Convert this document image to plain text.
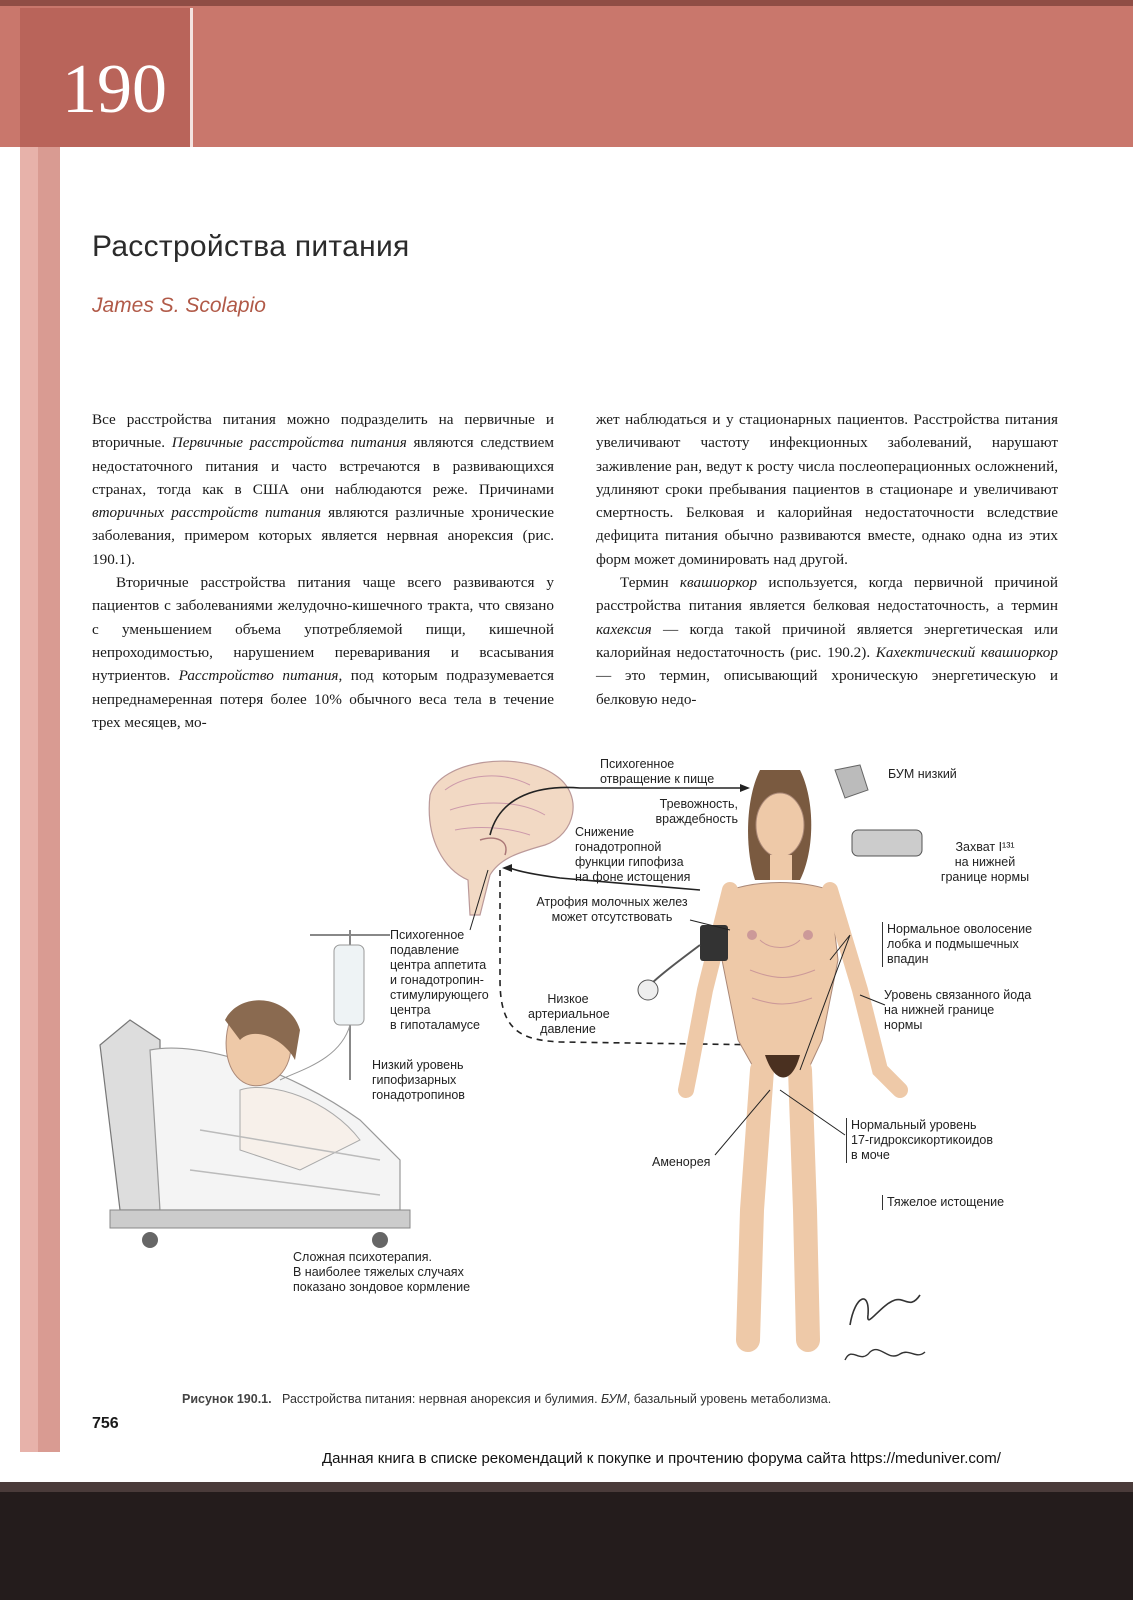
190
Расстройства питания
James S. Scolapio

Все расстройства питания можно подразделить на первичные и вторичные. Первичные расстройства питания являются следствием недостаточного питания и часто встречаются в развивающихся странах, тогда как в США они наблюдаются реже. Причинами вторичных расстройств питания являются различные хронические заболевания, примером которых является нервная анорексия (рис. 190.1).

Вторичные расстройства питания чаще всего развиваются у пациентов с заболеваниями желудочно-кишечного тракта, что связано с уменьшением объема употребляемой пищи, кишечной непроходимостью, нарушением переваривания и всасывания нутриентов. Расстройство питания, под которым подразумевается непреднамеренная потеря более 10% обычного веса тела в течение трех месяцев, мо-

жет наблюдаться и у стационарных пациентов. Расстройства питания увеличивают частоту инфекционных заболеваний, нарушают заживление ран, ведут к росту числа послеоперационных осложнений, удлиняют сроки пребывания пациентов в стационаре и увеличивают смертность. Белковая и калорийная недостаточности вследствие дефицита питания обычно развиваются вместе, однако одна из этих форм может доминировать над другой.

Термин квашиоркор используется, когда первичной причиной расстройства питания является белковая недостаточность, а термин кахексия — когда такой причиной является энергетическая или калорийная недостаточность (рис. 190.2). Кахектический квашиоркор — это термин, описывающий хроническую энергетическую и белковую недо-

Психогенное
отвращение к пище
Тревожность,
враждебность
Снижение
гонадотропной
функции гипофиза
на фоне истощения
Атрофия молочных желез
может отсутствовать
Психогенное
подавление
центра аппетита
и гонадотропин-
стимулирующего
центра
в гипоталамусе
Низкое
артериальное
давление
Низкий уровень
гипофизарных
гонадотропинов
Сложная психотерапия.
В наиболее тяжелых случаях
показано зондовое кормление
БУМ низкий
Захват I¹³¹
на нижней
границе нормы
Нормальное оволосение
лобка и подмышечных
впадин
Уровень связанного йода
на нижней границе
нормы
Нормальный уровень
17-гидроксикортикоидов
в моче
Аменорея
Тяжелое истощение
Рисунок 190.1. Расстройства питания: нервная анорексия и булимия. БУМ, базальный уровень метаболизма.
756
Данная книга в списке рекомендаций к покупке и прочтению форума сайта https://meduniver.com/
